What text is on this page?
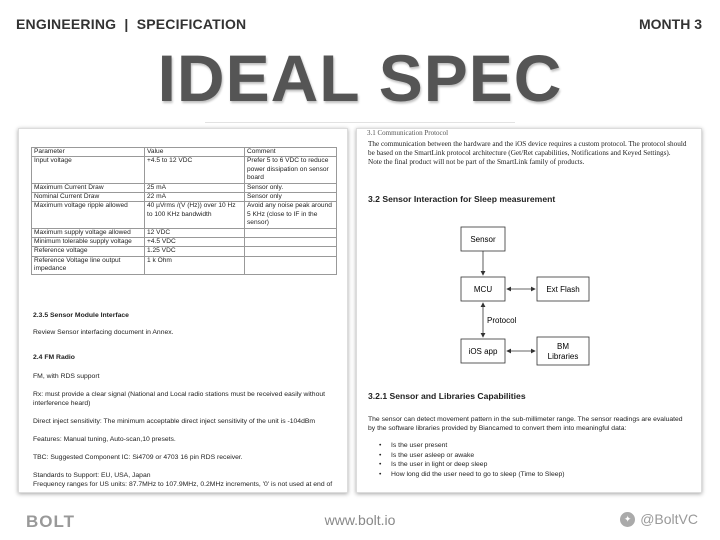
ENGINEERING  |  SPECIFICATION	MONTH 3
IDEAL SPEC
Parameter	Value	Comment
Input voltage	+4.5 to 12 VDC	Prefer 5 to 6 VDC to reduce power dissipation on sensor board
Maximum Current Draw	25 mA	Sensor only.
Nominal Current Draw	22 mA	Sensor only
Maximum voltage ripple allowed	40 µVrms /(V (Hz)) over 10 Hz to 100 KHz bandwidth	Avoid any noise peak around 5 KHz (close to IF in the sensor)
Maximum supply voltage allowed	12 VDC	
Minimum tolerable supply voltage	+4.5 VDC	
Reference voltage	1.25 VDC	
Reference Voltage line output impedance	1 k Ohm	
2.3.5 Sensor Module Interface
Review Sensor interfacing document in Annex.
2.4 FM Radio
FM, with RDS support
Rx: must provide a clear signal (National and Local radio stations must be received easily without interference heard)
Direct inject sensitivity: The minimum acceptable direct inject sensitivity of the unit is -104dBm
Features: Manual tuning, Auto-scan,10 presets.
TBC: Suggested Component IC: Si4709 or 4703 16 pin RDS receiver.
Standards to Support: EU, USA, Japan
Frequency ranges for US units: 87.7MHz to 107.9MHz, 0.2MHz increments, '0' is not used at end of
3.1 Communication Protocol
The communication between the hardware and the iOS device requires a custom protocol. The protocol should be based on the SmartLink protocol architecture (Get/Ret capabilities, Notifications and Keyed Settings).
Note the final product will not be part of the SmartLink family of products.
3.2 Sensor Interaction for Sleep measurement
Sensor
MCU	Ext Flash
iOS app
BM
Libraries
Protocol
3.2.1 Sensor and Libraries Capabilities
The sensor can detect movement pattern in the sub-millimeter range. The sensor readings are evaluated by the software libraries provided by Biancamed to convert them into meaningful data:
• Is the user present
• Is the user asleep or awake
• Is the user in light or deep sleep
• How long did the user need to go to sleep (Time to Sleep)
BOLT	www.bolt.io	✦ @BoltVC
